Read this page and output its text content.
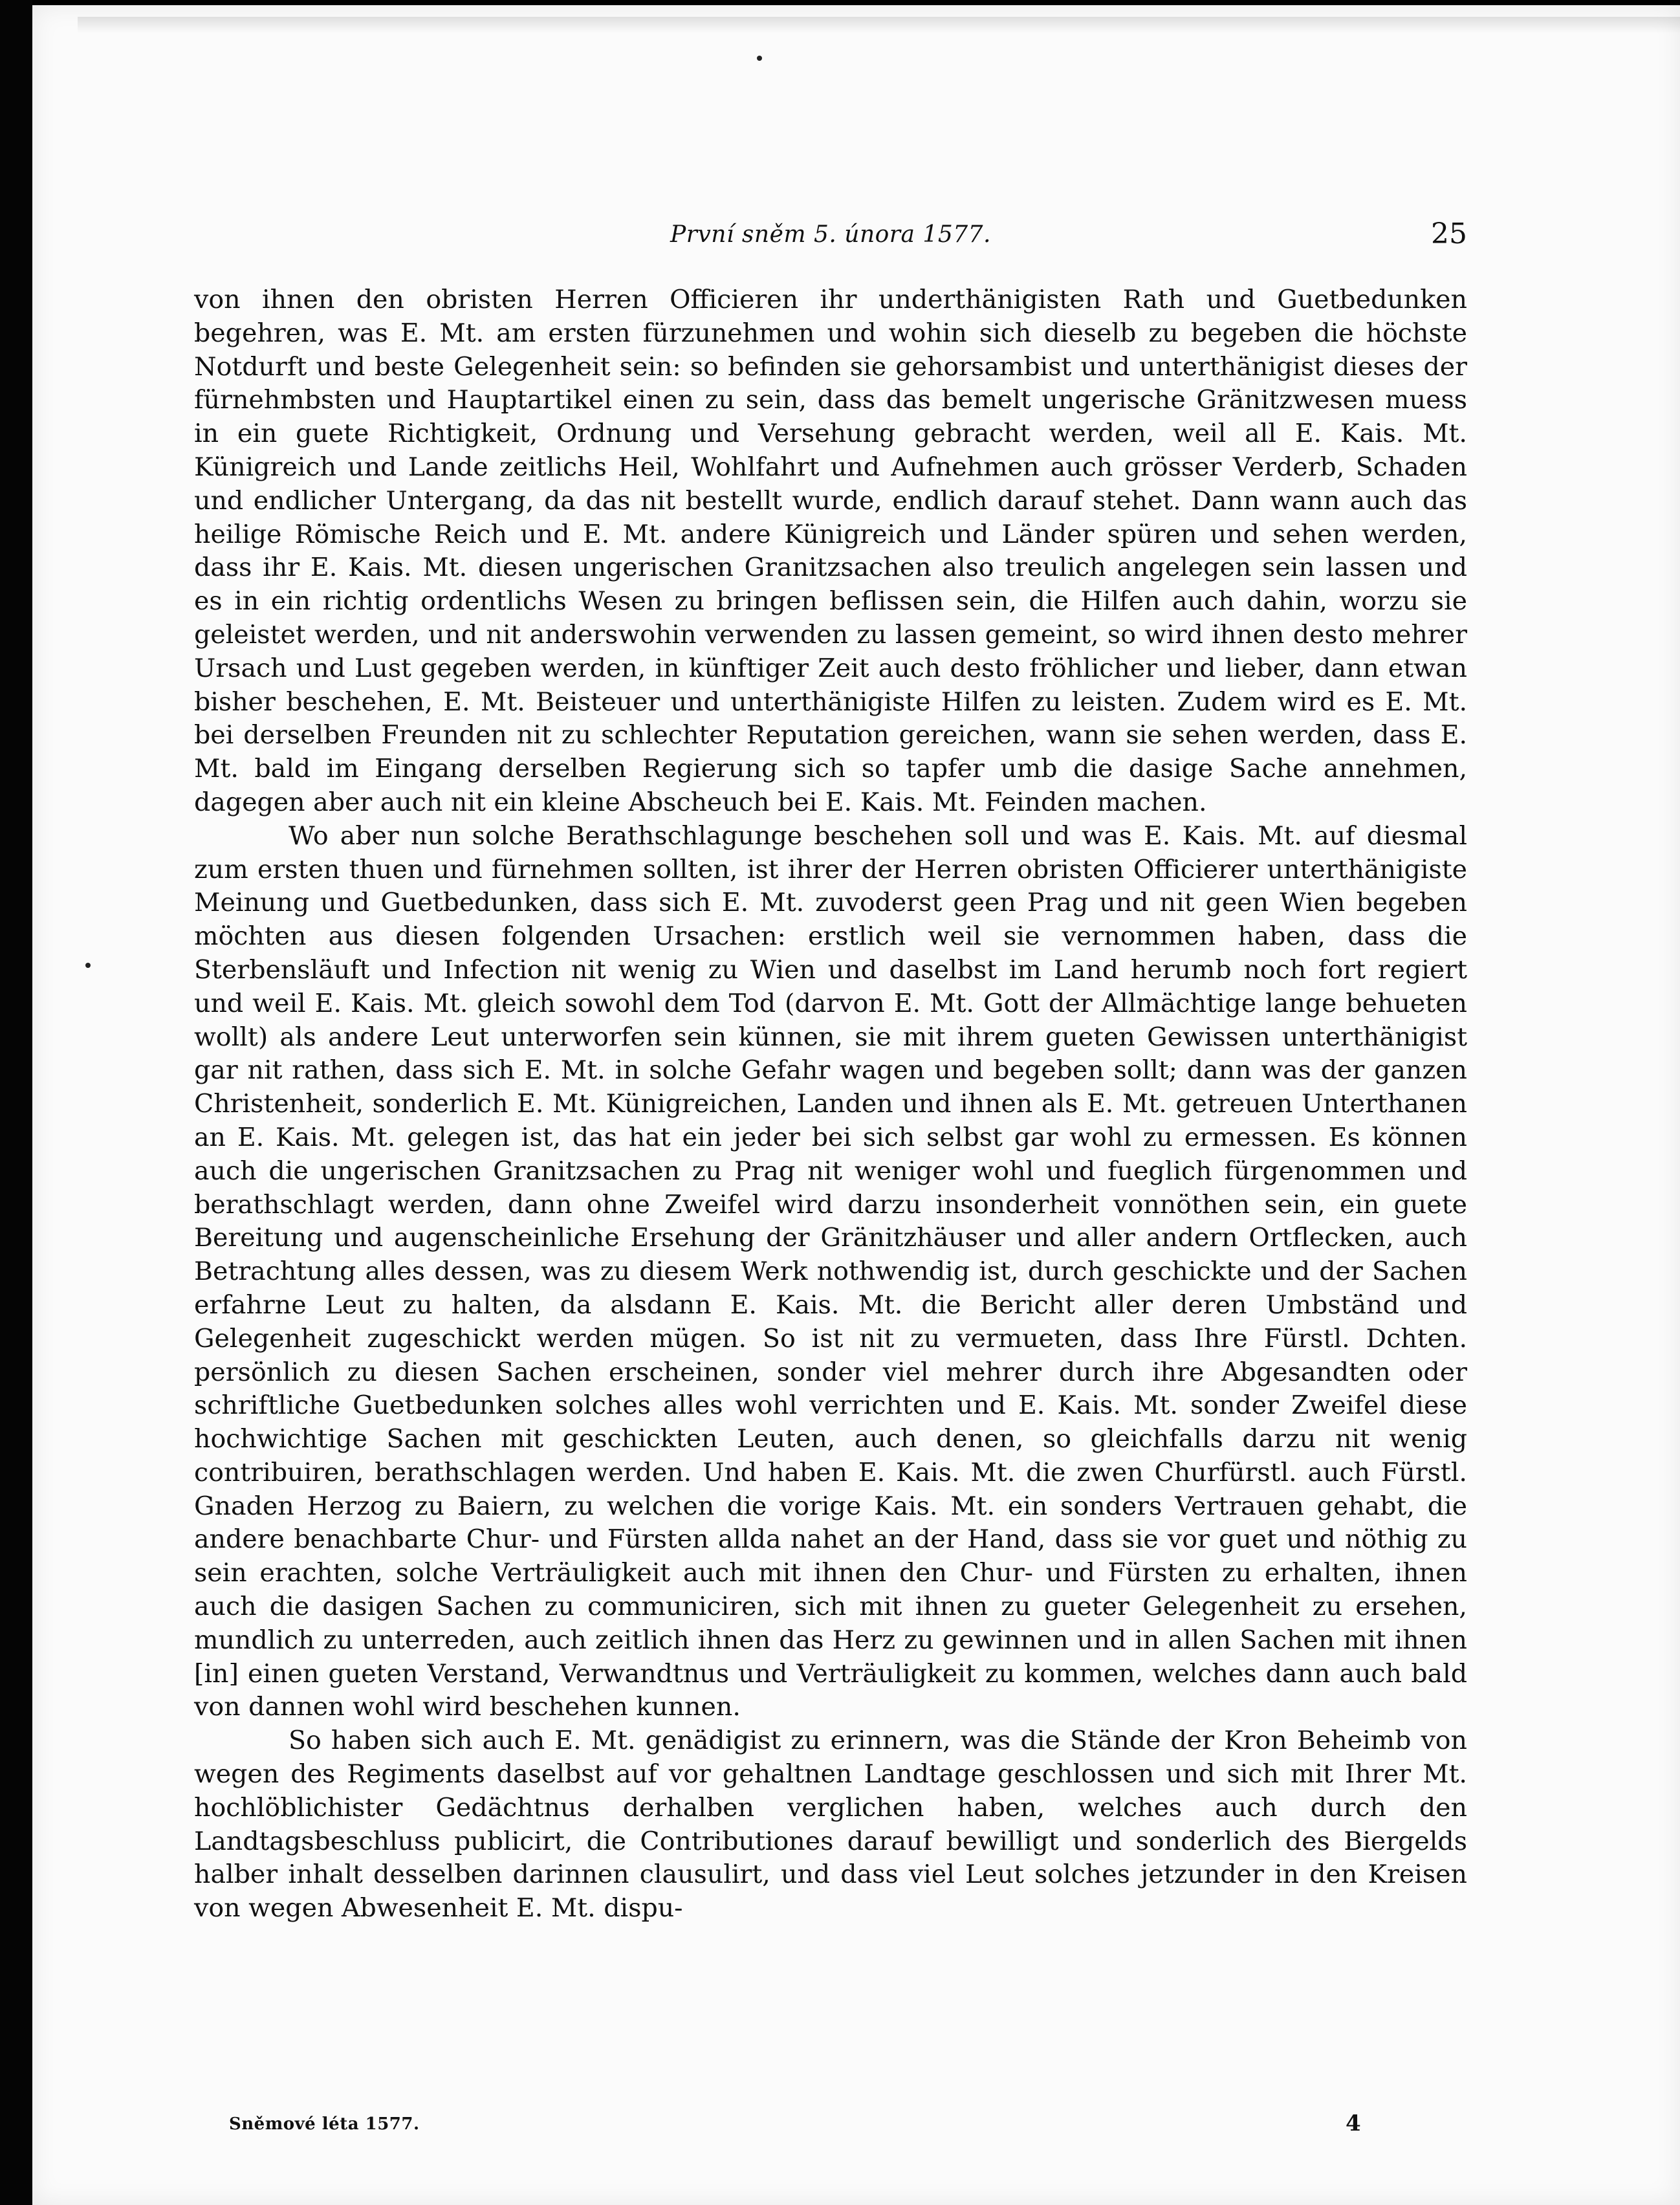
První sněm 5. února 1577.	25

von ihnen den obristen Herren Officieren ihr underthänigisten Rath und Guetbedunken begehren, was E. Mt. am ersten fürzunehmen und wohin sich dieselb zu begeben die höchste Notdurft und beste Gelegenheit sein: so befinden sie gehorsambist und unterthänigist dieses der fürnehmbsten und Hauptartikel einen zu sein, dass das bemelt ungerische Gränitzwesen muess in ein guete Richtigkeit, Ordnung und Versehung gebracht werden, weil all E. Kais. Mt. Künigreich und Lande zeitlichs Heil, Wohlfahrt und Aufnehmen auch grösser Verderb, Schaden und endlicher Untergang, da das nit bestellt wurde, endlich darauf stehet. Dann wann auch das heilige Römische Reich und E. Mt. andere Künigreich und Länder spüren und sehen werden, dass ihr E. Kais. Mt. diesen ungerischen Granitzsachen also treulich angelegen sein lassen und es in ein richtig ordentlichs Wesen zu bringen beflissen sein, die Hilfen auch dahin, worzu sie geleistet werden, und nit anderswohin verwenden zu lassen gemeint, so wird ihnen desto mehrer Ursach und Lust gegeben werden, in künftiger Zeit auch desto fröhlicher und lieber, dann etwan bisher beschehen, E. Mt. Beisteuer und unterthänigiste Hilfen zu leisten. Zudem wird es E. Mt. bei derselben Freunden nit zu schlechter Reputation gereichen, wann sie sehen werden, dass E. Mt. bald im Eingang derselben Regierung sich so tapfer umb die dasige Sache annehmen, dagegen aber auch nit ein kleine Abscheuch bei E. Kais. Mt. Feinden machen.

Wo aber nun solche Berathschlagunge beschehen soll und was E. Kais. Mt. auf diesmal zum ersten thuen und fürnehmen sollten, ist ihrer der Herren obristen Officierer unterthänigiste Meinung und Guetbedunken, dass sich E. Mt. zuvoderst geen Prag und nit geen Wien begeben möchten aus diesen folgenden Ursachen: erstlich weil sie vernommen haben, dass die Sterbensläuft und Infection nit wenig zu Wien und daselbst im Land herumb noch fort regiert und weil E. Kais. Mt. gleich sowohl dem Tod (darvon E. Mt. Gott der Allmächtige lange behueten wollt) als andere Leut unterworfen sein künnen, sie mit ihrem gueten Gewissen unterthänigist gar nit rathen, dass sich E. Mt. in solche Gefahr wagen und begeben sollt; dann was der ganzen Christenheit, sonderlich E. Mt. Künigreichen, Landen und ihnen als E. Mt. getreuen Unterthanen an E. Kais. Mt. gelegen ist, das hat ein jeder bei sich selbst gar wohl zu ermessen. Es können auch die ungerischen Granitzsachen zu Prag nit weniger wohl und fueglich fürgenommen und berathschlagt werden, dann ohne Zweifel wird darzu insonderheit vonnöthen sein, ein guete Bereitung und augenscheinliche Ersehung der Gränitzhäuser und aller andern Ortflecken, auch Betrachtung alles dessen, was zu diesem Werk nothwendig ist, durch geschickte und der Sachen erfahrne Leut zu halten, da alsdann E. Kais. Mt. die Bericht aller deren Umbständ und Gelegenheit zugeschickt werden mügen. So ist nit zu vermueten, dass Ihre Fürstl. Dchten. persönlich zu diesen Sachen erscheinen, sonder viel mehrer durch ihre Abgesandten oder schriftliche Guetbedunken solches alles wohl verrichten und E. Kais. Mt. sonder Zweifel diese hochwichtige Sachen mit geschickten Leuten, auch denen, so gleichfalls darzu nit wenig contribuiren, berathschlagen werden. Und haben E. Kais. Mt. die zwen Churfürstl. auch Fürstl. Gnaden Herzog zu Baiern, zu welchen die vorige Kais. Mt. ein sonders Vertrauen gehabt, die andere benachbarte Chur- und Fürsten allda nahet an der Hand, dass sie vor guet und nöthig zu sein erachten, solche Verträuligkeit auch mit ihnen den Chur- und Fürsten zu erhalten, ihnen auch die dasigen Sachen zu communiciren, sich mit ihnen zu gueter Gelegenheit zu ersehen, mundlich zu unterreden, auch zeitlich ihnen das Herz zu gewinnen und in allen Sachen mit ihnen [in] einen gueten Verstand, Verwandtnus und Verträuligkeit zu kommen, welches dann auch bald von dannen wohl wird beschehen kunnen.

So haben sich auch E. Mt. genädigist zu erinnern, was die Stände der Kron Beheimb von wegen des Regiments daselbst auf vor gehaltnen Landtage geschlossen und sich mit Ihrer Mt. hochlöblichister Gedächtnus derhalben verglichen haben, welches auch durch den Landtagsbeschluss publicirt, die Contributiones darauf bewilligt und sonderlich des Biergelds halber inhalt desselben darinnen clausulirt, und dass viel Leut solches jetzunder in den Kreisen von wegen Abwesenheit E. Mt. dispu-

Sněmové léta 1577.	4
